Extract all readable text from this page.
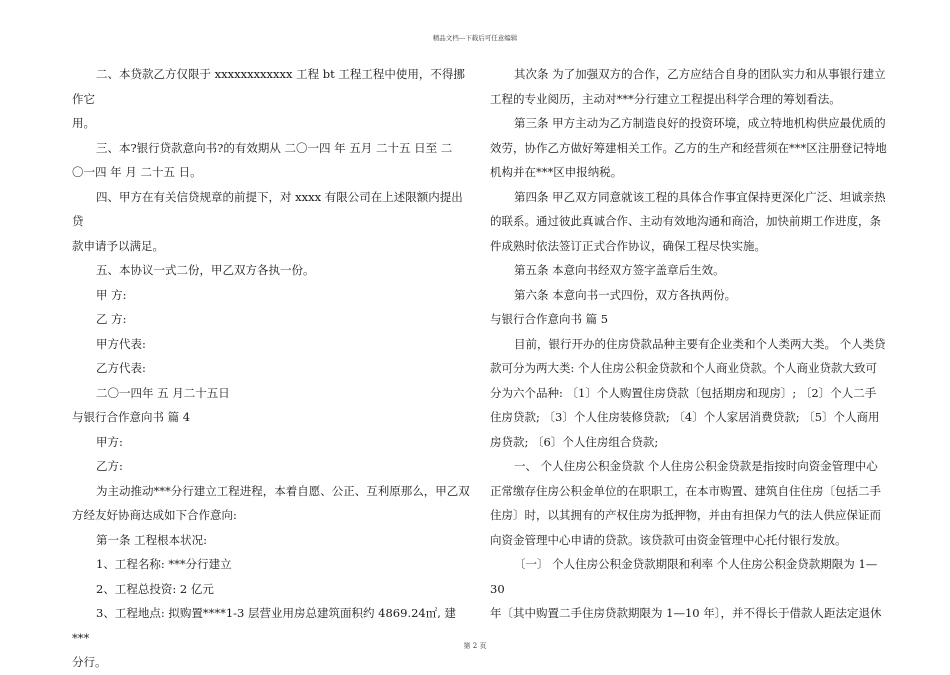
精品文档---下载后可任意编辑

二、本贷款乙方仅限于 xxxxxxxxxxxx 工程 bt 工程工程中使用，不得挪作它

用。

三、本?银行贷款意向书?的有效期从 二〇一四 年 五月 二十五 日至 二

〇一四 年 月 二十五 日。

四、甲方在有关信贷规章的前提下，对 xxxx 有限公司在上述限额内提出贷

款申请予以满足。

五、本协议一式二份，甲乙双方各执一份。

甲 方:

乙 方:

甲方代表:

乙方代表:

二〇一四年 五 月二十五日

与银行合作意向书 篇 4

甲方:

乙方:

为主动推动***分行建立工程进程，本着自愿、公正、互利原那么，甲乙双

方经友好协商达成如下合作意向:

第一条 工程根本状况:

1、工程名称: ***分行建立

2、工程总投资: 2 亿元

3、工程地点: 拟购置****1-3 层营业用房总建筑面积约 4869.24㎡, 建***

分行。

其次条 为了加强双方的合作，乙方应结合自身的团队实力和从事银行建立

工程的专业阅历，主动对***分行建立工程提出科学合理的筹划看法。

第三条 甲方主动为乙方制造良好的投资环境，成立特地机构供应最优质的

效劳，协作乙方做好筹建相关工作。乙方的生产和经营须在***区注册登记特地

机构并在***区申报纳税。

第四条 甲乙双方同意就该工程的具体合作事宜保持更深化广泛、坦诚亲热

的联系。通过彼此真诚合作、主动有效地沟通和商洽，加快前期工作进度，条

件成熟时依法签订正式合作协议，确保工程尽快实施。

第五条 本意向书经双方签字盖章后生效。

第六条 本意向书一式四份，双方各执两份。

与银行合作意向书 篇 5

目前，银行开办的住房贷款品种主要有企业类和个人类两大类。 个人类贷

款可分为两大类: 个人住房公积金贷款和个人商业贷款。个人商业贷款大致可

分为六个品种: 〔1〕个人购置住房贷款〔包括期房和现房〕; 〔2〕个人二手

住房贷款; 〔3〕个人住房装修贷款; 〔4〕个人家居消费贷款; 〔5〕个人商用

房贷款; 〔6〕个人住房组合贷款;

一、 个人住房公积金贷款 个人住房公积金贷款是指按时向资金管理中心

正常缴存住房公积金单位的在职职工，在本市购置、建筑自住住房〔包括二手

住房〕时，以其拥有的产权住房为抵押物，并由有担保力气的法人供应保证而

向资金管理中心申请的贷款。该贷款可由资金管理中心托付银行发放。

〔一〕 个人住房公积金贷款期限和利率 个人住房公积金贷款期限为 1—30

年〔其中购置二手住房贷款期限为 1—10 年〕，并不得长于借款人距法定退休

第 2 页
